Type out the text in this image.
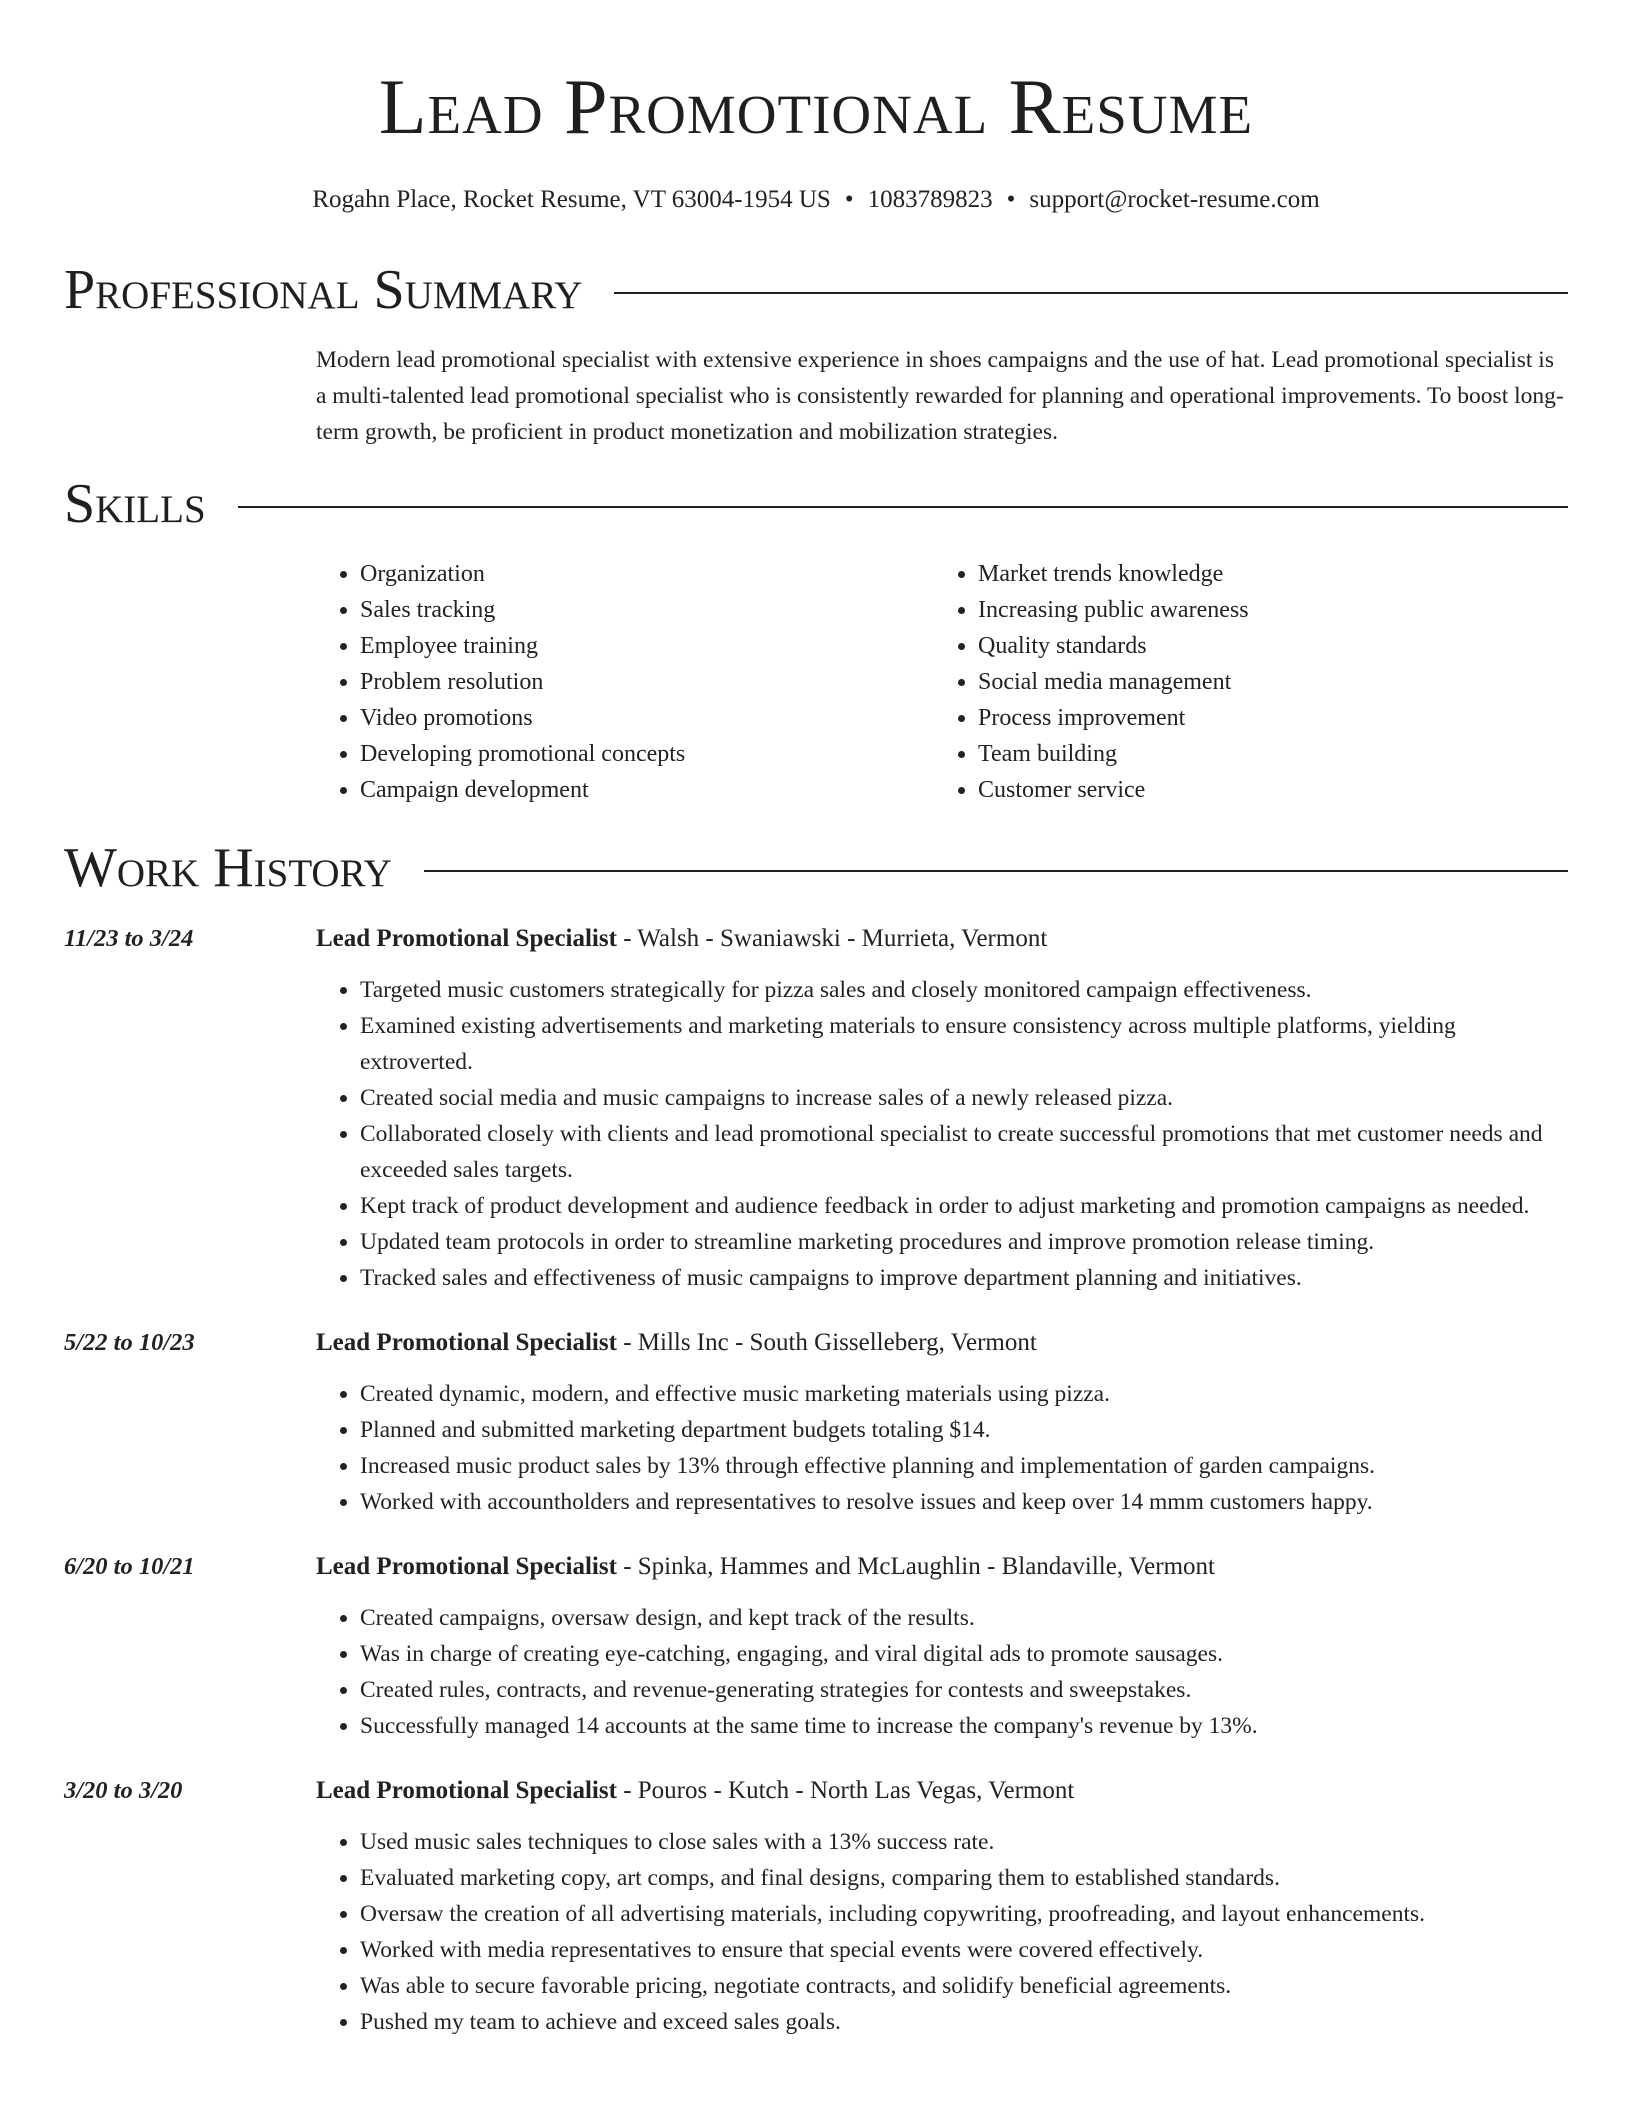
Lead Promotional Resume
Rogahn Place, Rocket Resume, VT 63004-1954 US • 1083789823 • support@rocket-resume.com
Professional Summary
Modern lead promotional specialist with extensive experience in shoes campaigns and the use of hat. Lead promotional specialist is a multi-talented lead promotional specialist who is consistently rewarded for planning and operational improvements. To boost long-term growth, be proficient in product monetization and mobilization strategies.
Skills
• Organization
• Sales tracking
• Employee training
• Problem resolution
• Video promotions
• Developing promotional concepts
• Campaign development
• Market trends knowledge
• Increasing public awareness
• Quality standards
• Social media management
• Process improvement
• Team building
• Customer service
Work History
11/23 to 3/24	Lead Promotional Specialist - Walsh - Swaniawski - Murrieta, Vermont
• Targeted music customers strategically for pizza sales and closely monitored campaign effectiveness.
• Examined existing advertisements and marketing materials to ensure consistency across multiple platforms, yielding extroverted.
• Created social media and music campaigns to increase sales of a newly released pizza.
• Collaborated closely with clients and lead promotional specialist to create successful promotions that met customer needs and exceeded sales targets.
• Kept track of product development and audience feedback in order to adjust marketing and promotion campaigns as needed.
• Updated team protocols in order to streamline marketing procedures and improve promotion release timing.
• Tracked sales and effectiveness of music campaigns to improve department planning and initiatives.
5/22 to 10/23	Lead Promotional Specialist - Mills Inc - South Gisselleberg, Vermont
• Created dynamic, modern, and effective music marketing materials using pizza.
• Planned and submitted marketing department budgets totaling $14.
• Increased music product sales by 13% through effective planning and implementation of garden campaigns.
• Worked with accountholders and representatives to resolve issues and keep over 14 mmm customers happy.
6/20 to 10/21	Lead Promotional Specialist - Spinka, Hammes and McLaughlin - Blandaville, Vermont
• Created campaigns, oversaw design, and kept track of the results.
• Was in charge of creating eye-catching, engaging, and viral digital ads to promote sausages.
• Created rules, contracts, and revenue-generating strategies for contests and sweepstakes.
• Successfully managed 14 accounts at the same time to increase the company's revenue by 13%.
3/20 to 3/20	Lead Promotional Specialist - Pouros - Kutch - North Las Vegas, Vermont
• Used music sales techniques to close sales with a 13% success rate.
• Evaluated marketing copy, art comps, and final designs, comparing them to established standards.
• Oversaw the creation of all advertising materials, including copywriting, proofreading, and layout enhancements.
• Worked with media representatives to ensure that special events were covered effectively.
• Was able to secure favorable pricing, negotiate contracts, and solidify beneficial agreements.
• Pushed my team to achieve and exceed sales goals.
